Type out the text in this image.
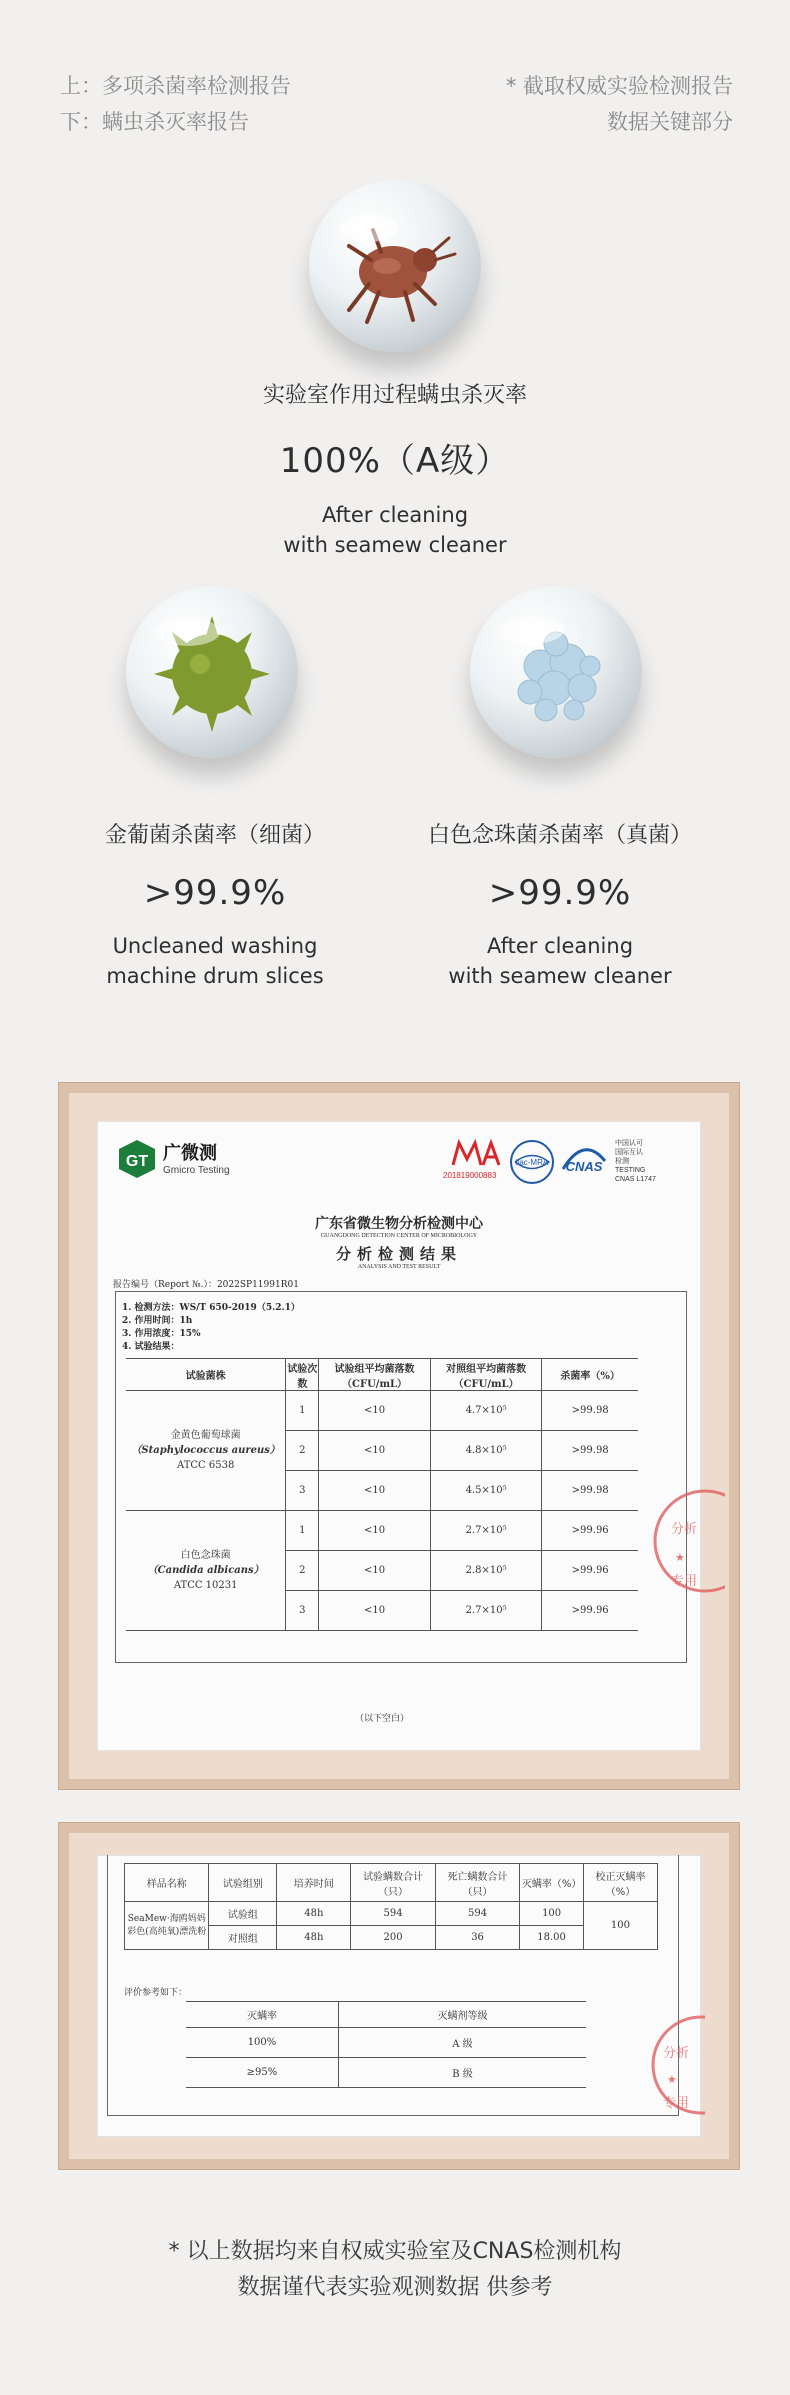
上：多项杀菌率检测报告
下：螨虫杀灭率报告
* 截取权威实验检测报告
数据关键部分
实验室作用过程螨虫杀灭率
100%（A级）
After cleaning
with seamew cleaner
金葡菌杀菌率（细菌）
>99.9%
Uncleaned washing
machine drum slices
白色念珠菌杀菌率（真菌）
>99.9%
After cleaning
with seamew cleaner
GT 广微测
Gmicro Testing	201819000883
ilac-MRA CNAS
中国认可
国际互认
检测
TESTING
CNAS L1747
广东省微生物分析检测中心
GUANGDONG DETECTION CENTER OF MICROBIOLOGY
分析检测结果
ANALYSIS AND TEST RESULT
报告编号（Report №.）：2022SP11991R01
1. 检测方法：WS/T 650-2019（5.2.1）
2. 作用时间：1h
3. 作用浓度：15%
4. 试验结果：
试验菌株	试验次数	试验组平均菌落数（CFU/mL）	对照组平均菌落数（CFU/mL）	杀菌率（%）

金黄色葡萄球菌
（Staphylococcus aureus）
ATCC 6538	1	<10	4.7×10⁵	>99.98
	2	<10	4.8×10⁵	>99.98
	3	<10	4.5×10⁵	>99.98

白色念珠菌
（Candida albicans）
ATCC 10231	1	<10	2.7×10⁵	>99.96
	2	<10	2.8×10⁵	>99.96
	3	<10	2.7×10⁵	>99.96
（以下空白）
分析
★
专用
样品名称	试验组别	培养时间	试验螨数合计（只）	死亡螨数合计（只）	灭螨率（%）	校正灭螨率（%）
SeaMew·海鸥妈妈彩色(高纯氧)漂洗粉	试验组	48h	594	594	100	100
	对照组	48h	200	36	18.00	
评价参考如下：
灭螨率	灭螨剂等级
100%	A 级
≥95%	B 级
分析
★
专用
* 以上数据均来自权威实验室及CNAS检测机构
数据谨代表实验观测数据 供参考
